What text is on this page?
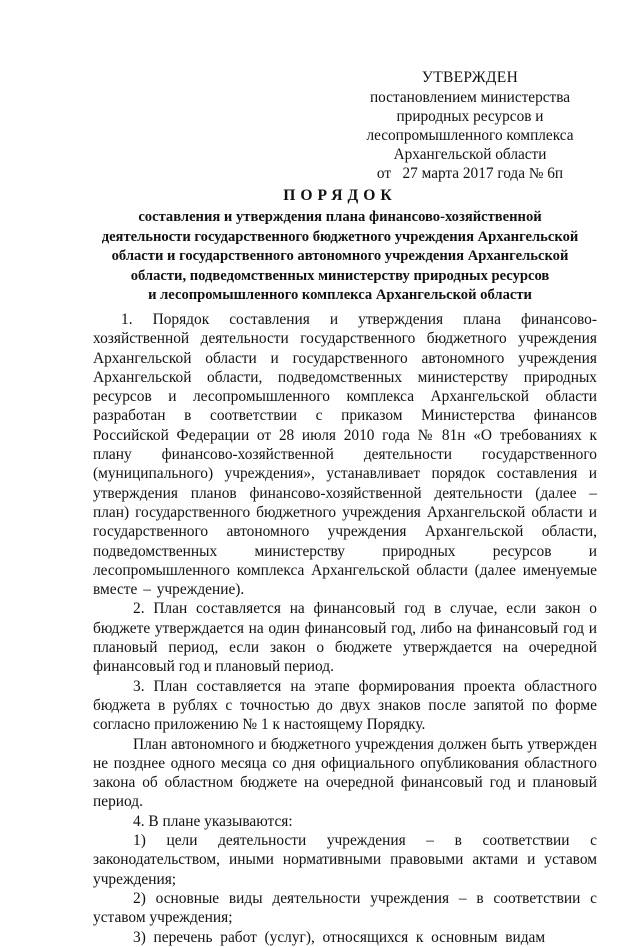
УТВЕРЖДЕН
постановлением министерства
природных ресурсов и
лесопромышленного комплекса
Архангельской области
от   27 марта 2017 года № 6п
ПОРЯДОК
составления и утверждения плана финансово-хозяйственной
деятельности государственного бюджетного учреждения Архангельской
области и государственного автономного учреждения Архангельской
области, подведомственных министерству природных ресурсов
и лесопромышленного комплекса Архангельской области

1. Порядок составления и утверждения плана финансово-хозяйственной деятельности государственного бюджетного учреждения Архангельской области и государственного автономного учреждения Архангельской области, подведомственных министерству природных ресурсов и лесопромышленного комплекса Архангельской области разработан в соответствии с приказом Министерства финансов Российской Федерации от 28 июля 2010 года № 81н «О требованиях к плану финансово-хозяйственной деятельности государственного (муниципального) учреждения», устанавливает порядок составления и утверждения планов финансово-хозяйственной деятельности (далее – план) государственного бюджетного учреждения Архангельской области и государственного автономного учреждения Архангельской области, подведомственных министерству природных ресурсов и лесопромышленного комплекса Архангельской области (далее именуемые вместе – учреждение).

2. План составляется на финансовый год в случае, если закон о бюджете утверждается на один финансовый год, либо на финансовый год и плановый период, если закон о бюджете утверждается на очередной финансовый год и плановый период.

3. План составляется на этапе формирования проекта областного бюджета в рублях с точностью до двух знаков после запятой по форме согласно приложению № 1 к настоящему Порядку.

План автономного и бюджетного учреждения должен быть утвержден не позднее одного месяца со дня официального опубликования областного закона об областном бюджете на очередной финансовый год и плановый период.

4. В плане указываются:

1) цели деятельности учреждения – в соответствии с законодательством, иными нормативными правовыми актами и уставом учреждения;

2) основные виды деятельности учреждения – в соответствии с уставом учреждения;

3)  перечень  работ  (услуг),  относящихся  к  основным  видам
